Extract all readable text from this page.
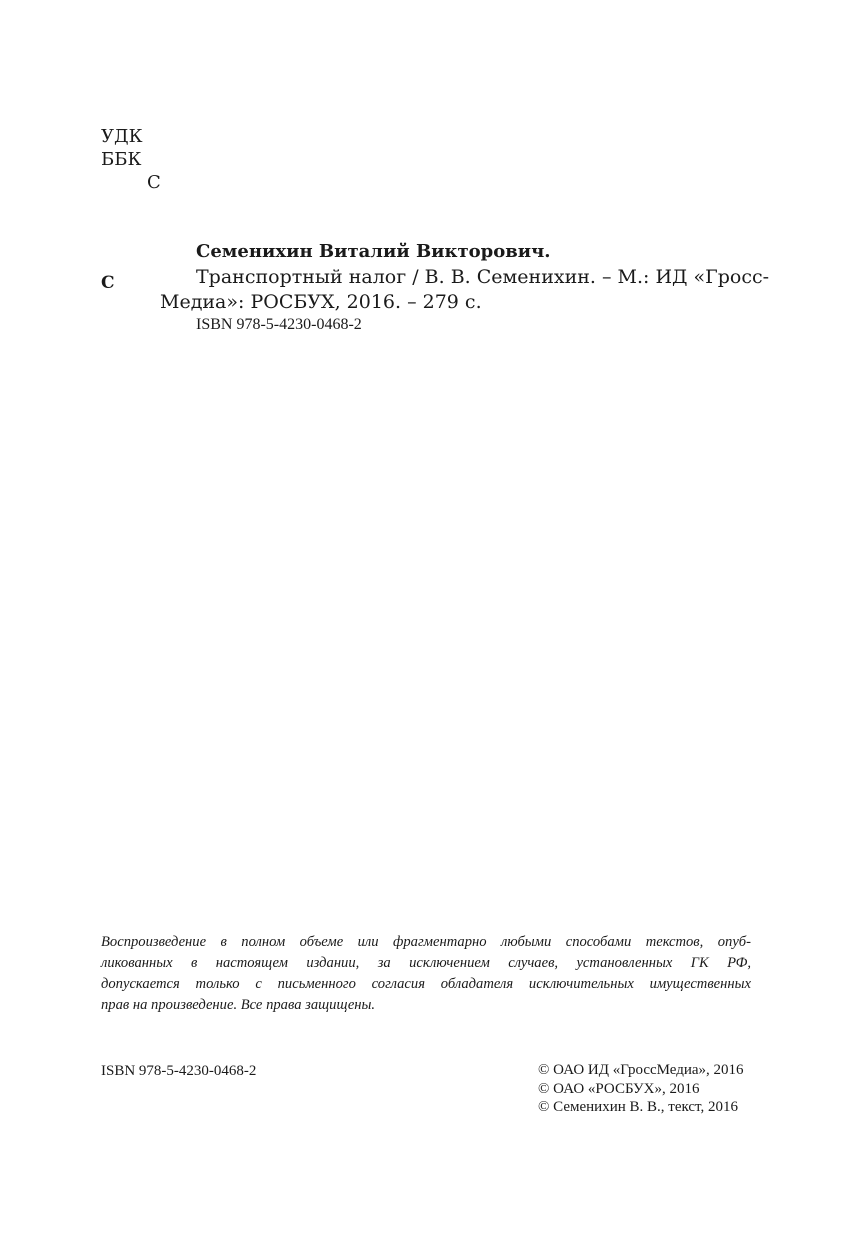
УДК
ББК
С
С
Семенихин Виталий Викторович.
Транспортный налог / В. В. Семенихин. – М.: ИД «Гросс-
Медиа»: РОСБУХ, 2016. – 279 с.
ISBN 978-5-4230-0468-2
Воспроизведение в полном объеме или фрагментарно любыми способами текстов, опуб-
ликованных в настоящем издании, за исключением случаев, установленных ГК РФ,
допускается только с письменного согласия обладателя исключительных имущественных
прав на произведение. Все права защищены.
ISBN 978-5-4230-0468-2	© ОАО ИД «ГроссМедиа», 2016
© ОАО «РОСБУХ», 2016
© Семенихин В. В., текст, 2016
